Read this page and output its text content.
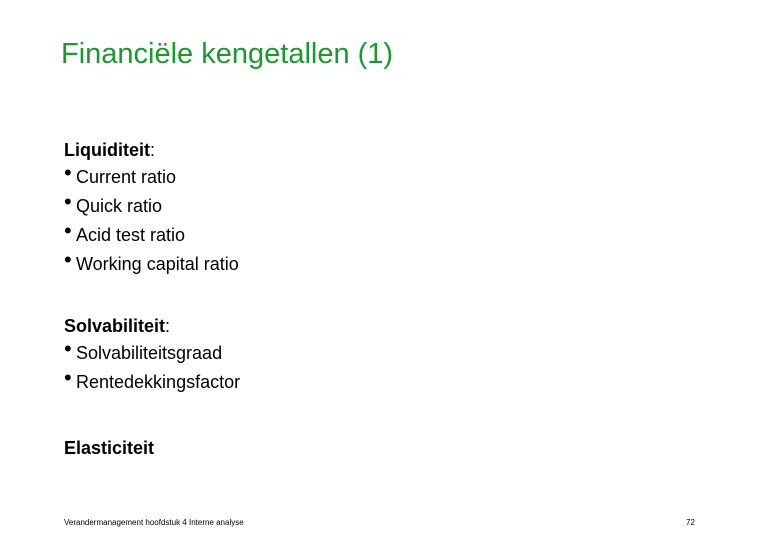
Financiële kengetallen (1)
Liquiditeit:
• Current ratio
• Quick ratio
• Acid test ratio
• Working capital ratio
Solvabiliteit:
• Solvabiliteitsgraad
• Rentedekkingsfactor
Elasticiteit
Verandermanagement hoofdstuk 4 Interne analyse	72
